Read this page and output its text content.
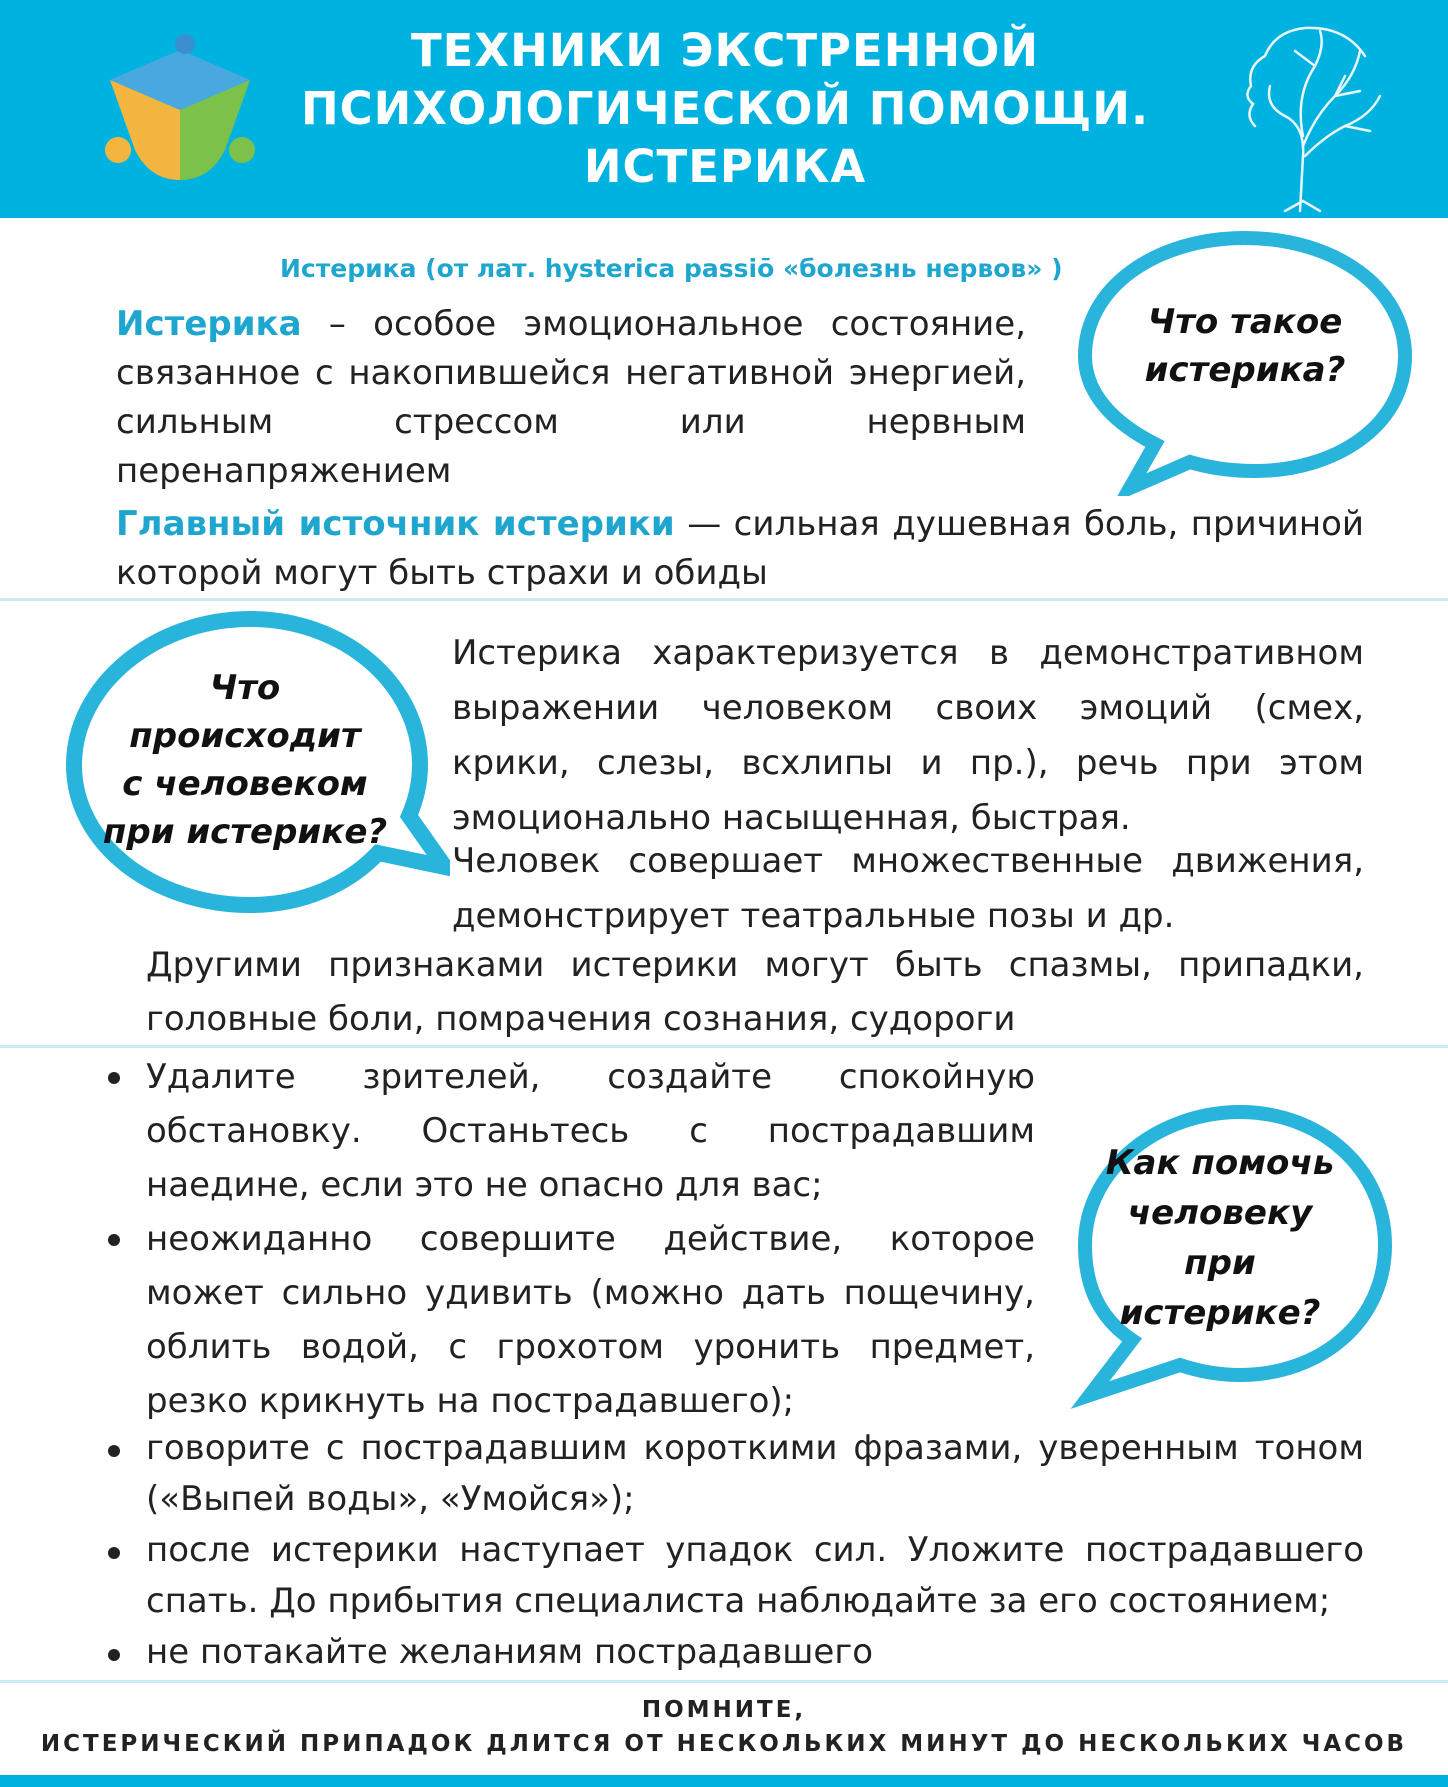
ТЕХНИКИ ЭКСТРЕННОЙ
ПСИХОЛОГИЧЕСКОЙ ПОМОЩИ.
ИСТЕРИКА
Истерика (от лат. hysterica passiō «болезнь нервов» )
Истерика – особое эмоциональное состояние, связанное с накопившейся негативной энергией, сильным стрессом или нервным перенапряжением
Главный источник истерики — сильная душевная боль, причиной которой могут быть страхи и обиды
Что такое
истерика?
Что
происходит
с человеком
при истерике?
Истерика характеризуется в демонстративном выражении человеком своих эмоций (смех, крики, слезы, всхлипы и пр.), речь при этом эмоционально насыщенная, быстрая.
Человек совершает множественные движения, демонстрирует театральные позы и др.
Другими признаками истерики могут быть спазмы, припадки, головные боли, помрачения сознания, судороги
Как помочь
человеку
при
истерике?
Удалите зрителей, создайте спокойную обстановку. Останьтесь с пострадавшим наедине, если это не опасно для вас;
неожиданно совершите действие, которое может сильно удивить (можно дать пощечину, облить водой, с грохотом уронить предмет, резко крикнуть на пострадавшего);
говорите с пострадавшим короткими фразами, уверенным тоном («Выпей воды», «Умойся»);
после истерики наступает упадок сил. Уложите пострадавшего спать. До прибытия специалиста наблюдайте за его состоянием;
не потакайте желаниям пострадавшего
ПОМНИТЕ,
ИСТЕРИЧЕСКИЙ ПРИПАДОК ДЛИТСЯ ОТ НЕСКОЛЬКИХ МИНУТ ДО НЕСКОЛЬКИХ ЧАСОВ
